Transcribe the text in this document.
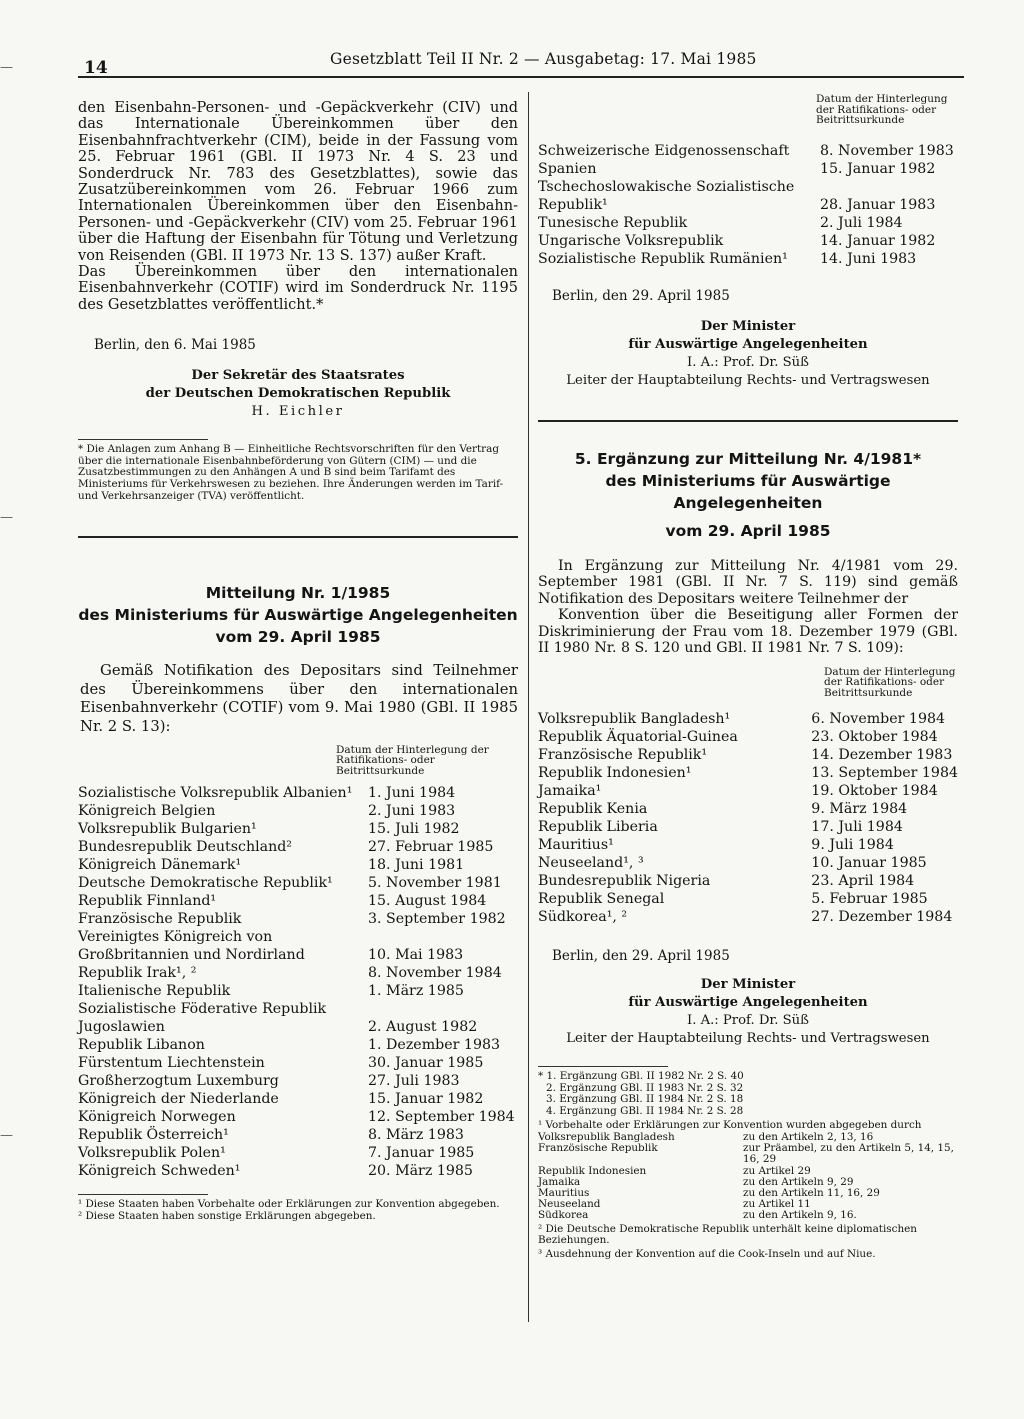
14	Gesetzblatt Teil II Nr. 2 — Ausgabetag: 17. Mai 1985
—
—
—

den Eisenbahn-Personen- und -Gepäckverkehr (CIV) und das Internationale Übereinkommen über den Eisenbahnfrachtverkehr (CIM), beide in der Fassung vom 25. Februar 1961 (GBl. II 1973 Nr. 4 S. 23 und Sonderdruck Nr. 783 des Gesetzblattes), sowie das Zusatzübereinkommen vom 26. Februar 1966 zum Internationalen Übereinkommen über den Eisenbahn-Personen- und -Gepäckverkehr (CIV) vom 25. Februar 1961 über die Haftung der Eisenbahn für Tötung und Verletzung von Reisenden (GBl. II 1973 Nr. 13 S. 137) außer Kraft.

Das Übereinkommen über den internationalen Eisenbahnverkehr (COTIF) wird im Sonderdruck Nr. 1195 des Gesetzblattes veröffentlicht.*

Berlin, den 6. Mai 1985

Der Sekretär des Staatsrates
der Deutschen Demokratischen Republik
H. Eichler

* Die Anlagen zum Anhang B — Einheitliche Rechtsvorschriften für den Vertrag über die internationale Eisenbahnbeförderung von Gütern (CIM) — und die Zusatzbestimmungen zu den Anhängen A und B sind beim Tarifamt des Ministeriums für Verkehrswesen zu beziehen. Ihre Änderungen werden im Tarif- und Verkehrsanzeiger (TVA) veröffentlicht.

Mitteilung Nr. 1/1985
des Ministeriums für Auswärtige Angelegenheiten
vom 29. April 1985

Gemäß Notifikation des Depositars sind Teilnehmer des Übereinkommens über den internationalen Eisenbahnverkehr (COTIF) vom 9. Mai 1980 (GBl. II 1985 Nr. 2 S. 13):

Datum der Hinterlegung der Ratifikations- oder Beitrittsurkunde

Sozialistische Volksrepublik Albanien¹	1. Juni 1984
Königreich Belgien	2. Juni 1983
Volksrepublik Bulgarien¹	15. Juli 1982
Bundesrepublik Deutschland²	27. Februar 1985
Königreich Dänemark¹	18. Juni 1981
Deutsche Demokratische Republik¹	5. November 1981
Republik Finnland¹	15. August 1984
Französische Republik	3. September 1982
Vereinigtes Königreich von Großbritannien und Nordirland	10. Mai 1983
Republik Irak¹, ²	8. November 1984
Italienische Republik	1. März 1985
Sozialistische Föderative Republik Jugoslawien	2. August 1982
Republik Libanon	1. Dezember 1983
Fürstentum Liechtenstein	30. Januar 1985
Großherzogtum Luxemburg	27. Juli 1983
Königreich der Niederlande	15. Januar 1982
Königreich Norwegen	12. September 1984
Republik Österreich¹	8. März 1983
Volksrepublik Polen¹	7. Januar 1985
Königreich Schweden¹	20. März 1985

¹ Diese Staaten haben Vorbehalte oder Erklärungen zur Konvention abgegeben.

² Diese Staaten haben sonstige Erklärungen abgegeben.

Datum der Hinterlegung der Ratifikations- oder Beitrittsurkunde

Schweizerische Eidgenossenschaft	8. November 1983
Spanien	15. Januar 1982
Tschechoslowakische Sozialistische Republik¹	28. Januar 1983
Tunesische Republik	2. Juli 1984
Ungarische Volksrepublik	14. Januar 1982
Sozialistische Republik Rumänien¹	14. Juni 1983

Berlin, den 29. April 1985

Der Minister
für Auswärtige Angelegenheiten
I. A.: Prof. Dr. Süß
Leiter der Hauptabteilung Rechts- und Vertragswesen
5. Ergänzung zur Mitteilung Nr. 4/1981*
des Ministeriums für Auswärtige Angelegenheiten
vom 29. April 1985

In Ergänzung zur Mitteilung Nr. 4/1981 vom 29. September 1981 (GBl. II Nr. 7 S. 119) sind gemäß Notifikation des Depositars weitere Teilnehmer der

Konvention über die Beseitigung aller Formen der Diskriminierung der Frau vom 18. Dezember 1979 (GBl. II 1980 Nr. 8 S. 120 und GBl. II 1981 Nr. 7 S. 109):

Datum der Hinterlegung der Ratifikations- oder Beitrittsurkunde

Volksrepublik Bangladesh¹	6. November 1984
Republik Äquatorial-Guinea	23. Oktober 1984
Französische Republik¹	14. Dezember 1983
Republik Indonesien¹	13. September 1984
Jamaika¹	19. Oktober 1984
Republik Kenia	9. März 1984
Republik Liberia	17. Juli 1984
Mauritius¹	9. Juli 1984
Neuseeland¹, ³	10. Januar 1985
Bundesrepublik Nigeria	23. April 1984
Republik Senegal	5. Februar 1985
Südkorea¹, ²	27. Dezember 1984

Berlin, den 29. April 1985

Der Minister
für Auswärtige Angelegenheiten
I. A.: Prof. Dr. Süß
Leiter der Hauptabteilung Rechts- und Vertragswesen

* 1. Ergänzung GBl. II 1982 Nr. 2 S. 40

2. Ergänzung GBl. II 1983 Nr. 2 S. 32

3. Ergänzung GBl. II 1984 Nr. 2 S. 18

4. Ergänzung GBl. II 1984 Nr. 2 S. 28

¹ Vorbehalte oder Erklärungen zur Konvention wurden abgegeben durch

Volksrepublik Bangladesh	zu den Artikeln 2, 13, 16
Französische Republik	zur Präambel, zu den Artikeln 5, 14, 15, 16, 29
Republik Indonesien	zu Artikel 29
Jamaika	zu den Artikeln 9, 29
Mauritius	zu den Artikeln 11, 16, 29
Neuseeland	zu Artikel 11
Südkorea	zu den Artikeln 9, 16.

² Die Deutsche Demokratische Republik unterhält keine diplomatischen Beziehungen.

³ Ausdehnung der Konvention auf die Cook-Inseln und auf Niue.
